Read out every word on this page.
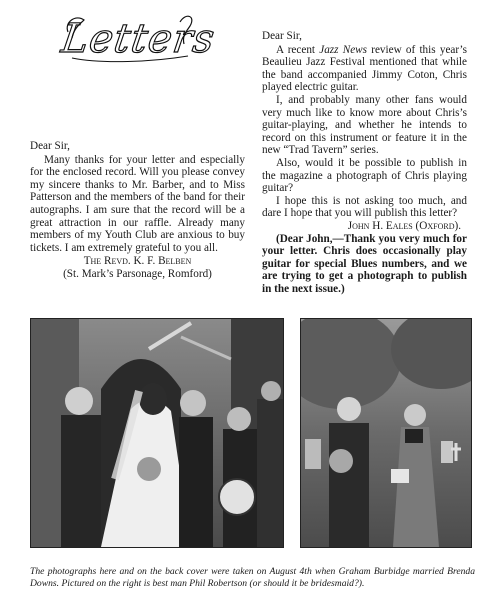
Letters

Dear Sir,

Many thanks for your letter and especially for the enclosed record. Will you please convey my sincere thanks to Mr. Barber, and to Miss Patterson and the members of the band for their autographs. I am sure that the record will be a great attraction in our raffle. Already many members of my Youth Club are anxious to buy tickets. I am extremely grateful to you all.

The Revd. K. F. Belben

(St. Mark’s Parsonage, Romford)

Dear Sir,

A recent Jazz News review of this year’s Beaulieu Jazz Festival mentioned that while the band accompanied Jimmy Coton, Chris played electric guitar.

I, and probably many other fans would very much like to know more about Chris’s guitar-playing, and whether he intends to record on this instrument or feature it in the new “Trad Tavern” series.

Also, would it be possible to publish in the magazine a photograph of Chris playing guitar?

I hope this is not asking too much, and dare I hope that you will publish this letter?

John H. Eales (Oxford).

(Dear John,—Thank you very much for your letter. Chris does occasionally play guitar for special Blues numbers, and we are trying to get a photograph to publish in the next issue.)

The photographs here and on the back cover were taken on August 4th when Graham Burbidge married Brenda Downs. Pictured on the right is best man Phil Robertson (or should it be bridesmaid?).
